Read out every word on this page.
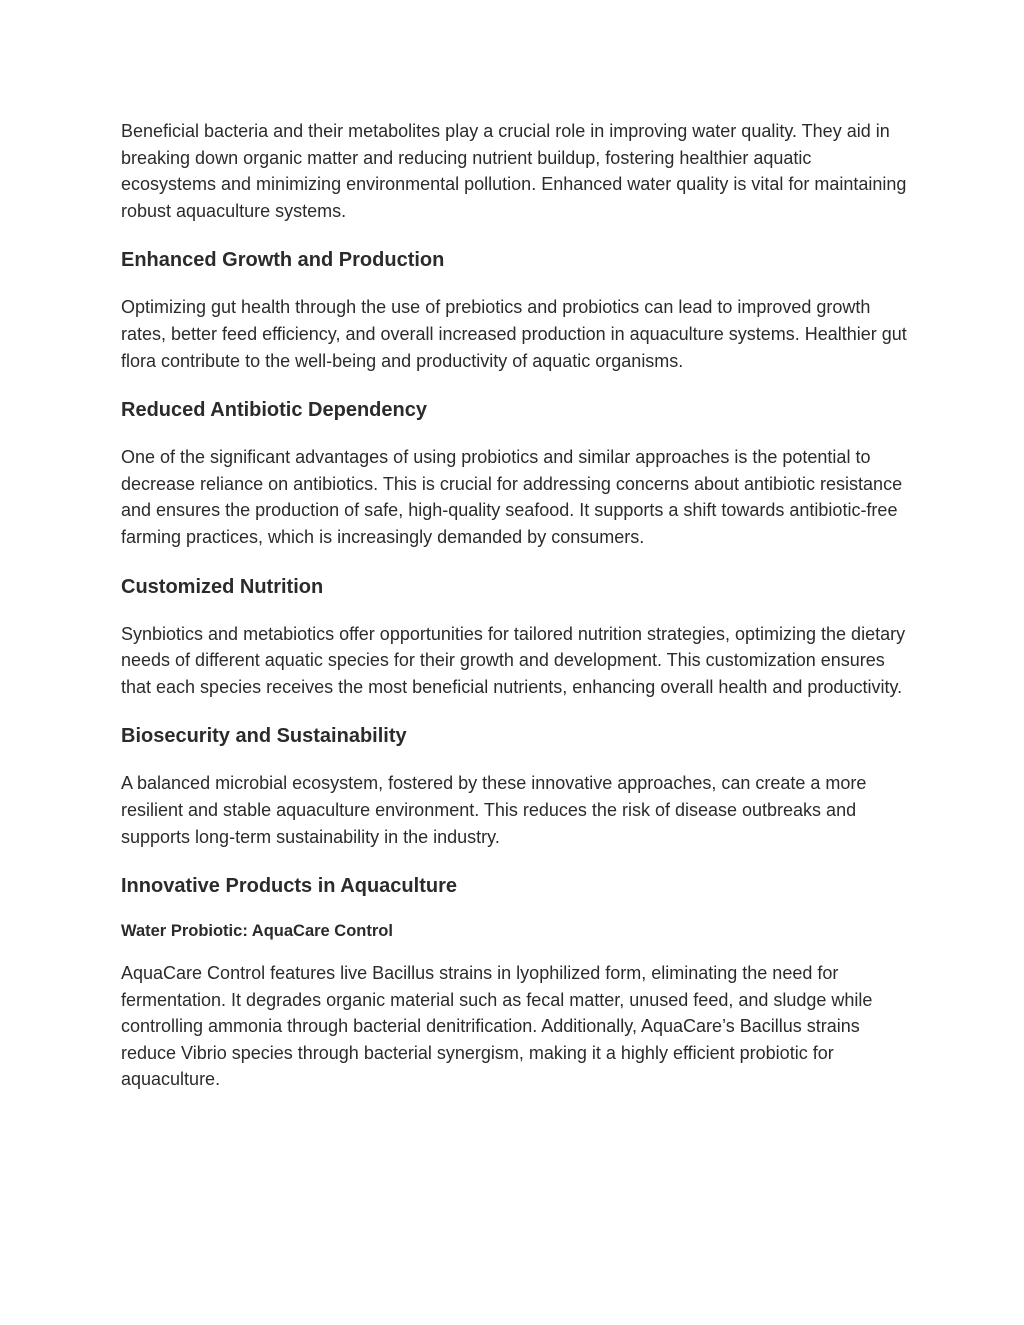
Beneficial bacteria and their metabolites play a crucial role in improving water quality. They aid in breaking down organic matter and reducing nutrient buildup, fostering healthier aquatic ecosystems and minimizing environmental pollution. Enhanced water quality is vital for maintaining robust aquaculture systems.

Enhanced Growth and Production

Optimizing gut health through the use of prebiotics and probiotics can lead to improved growth rates, better feed efficiency, and overall increased production in aquaculture systems. Healthier gut flora contribute to the well-being and productivity of aquatic organisms.

Reduced Antibiotic Dependency

One of the significant advantages of using probiotics and similar approaches is the potential to decrease reliance on antibiotics. This is crucial for addressing concerns about antibiotic resistance and ensures the production of safe, high-quality seafood. It supports a shift towards antibiotic-free farming practices, which is increasingly demanded by consumers.

Customized Nutrition

Synbiotics and metabiotics offer opportunities for tailored nutrition strategies, optimizing the dietary needs of different aquatic species for their growth and development. This customization ensures that each species receives the most beneficial nutrients, enhancing overall health and productivity.

Biosecurity and Sustainability

A balanced microbial ecosystem, fostered by these innovative approaches, can create a more resilient and stable aquaculture environment. This reduces the risk of disease outbreaks and supports long-term sustainability in the industry.

Innovative Products in Aquaculture
Water Probiotic: AquaCare Control

AquaCare Control features live Bacillus strains in lyophilized form, eliminating the need for fermentation. It degrades organic material such as fecal matter, unused feed, and sludge while controlling ammonia through bacterial denitrification. Additionally, AquaCare’s Bacillus strains reduce Vibrio species through bacterial synergism, making it a highly efficient probiotic for aquaculture.
